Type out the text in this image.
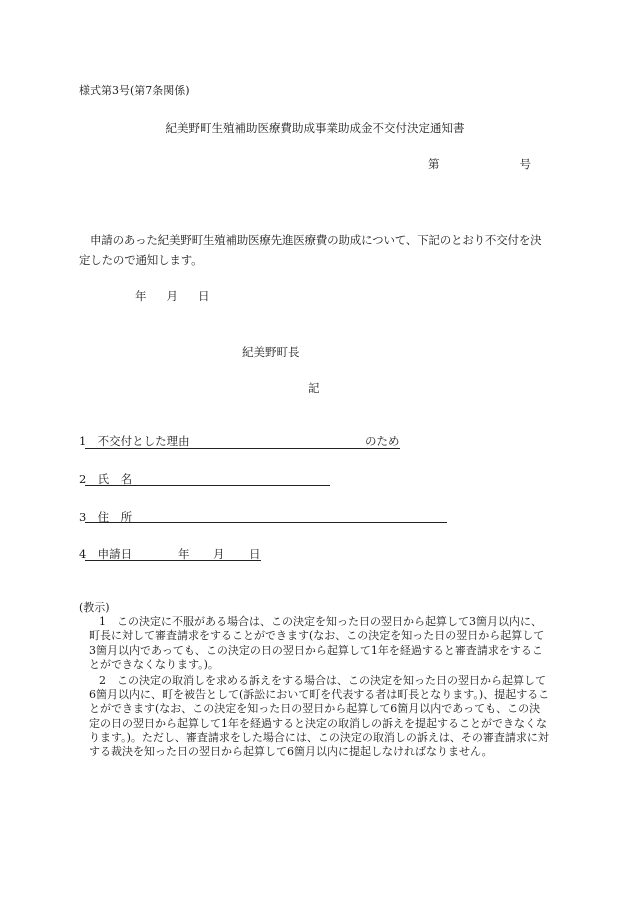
様式第3号(第7条関係)
紀美野町生殖補助医療費助成事業助成金不交付決定通知書
第	号
申請のあった紀美野町生殖補助医療先進医療費の助成について、下記のとおり不交付を決定したので通知します。
年 月 日
紀美野町長
記
1 不交付とした理由	のため
2 氏　名
3 住　所
4 申請日	年 月 日
(教示)

1　この決定に不服がある場合は、この決定を知った日の翌日から起算して3箇月以内に、町長に対して審査請求をすることができます(なお、この決定を知った日の翌日から起算して3箇月以内であっても、この決定の日の翌日から起算して1年を経過すると審査請求をすることができなくなります。)。

2　この決定の取消しを求める訴えをする場合は、この決定を知った日の翌日から起算して6箇月以内に、町を被告として(訴訟において町を代表する者は町長となります。)、提起することができます(なお、この決定を知った日の翌日から起算して6箇月以内であっても、この決定の日の翌日から起算して1年を経過すると決定の取消しの訴えを提起することができなくなります。)。ただし、審査請求をした場合には、この決定の取消しの訴えは、その審査請求に対する裁決を知った日の翌日から起算して6箇月以内に提起しなければなりません。
